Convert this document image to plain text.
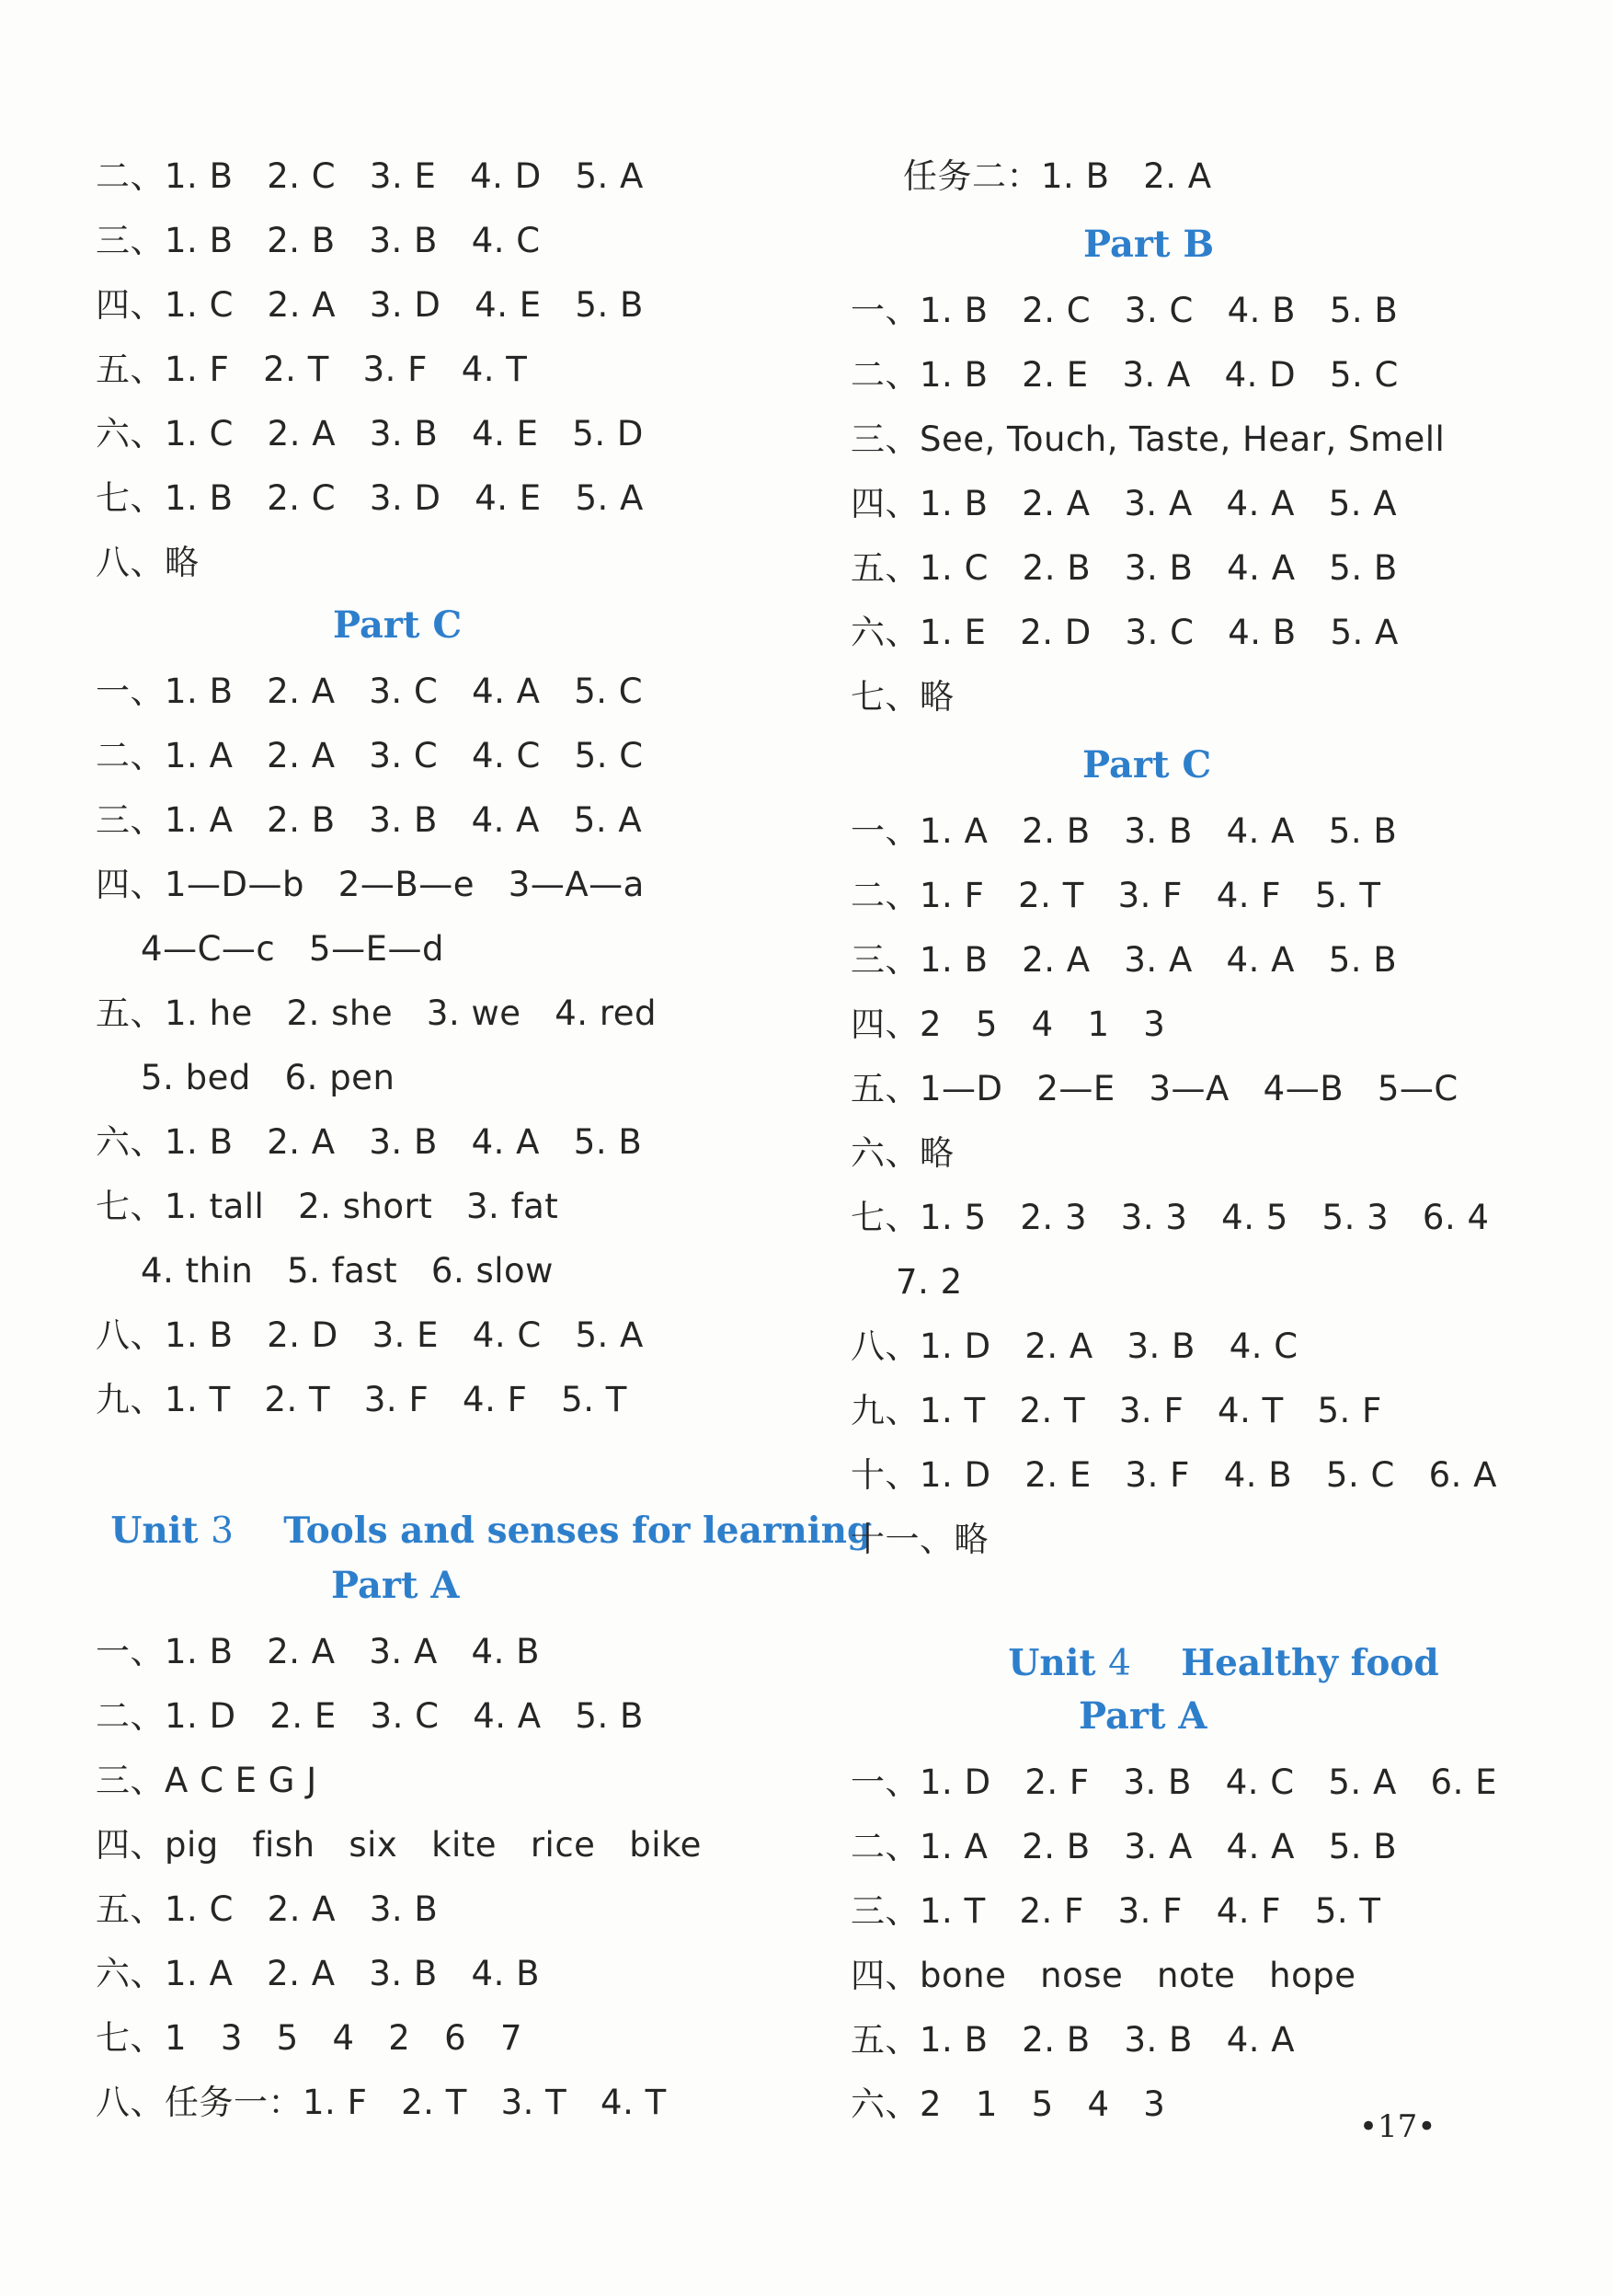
二、1. B   2. C   3. E   4. D   5. A
三、1. B   2. B   3. B   4. C
四、1. C   2. A   3. D   4. E   5. B
五、1. F   2. T   3. F   4. T
六、1. C   2. A   3. B   4. E   5. D
七、1. B   2. C   3. D   4. E   5. A
八、略
Part C
一、1. B   2. A   3. C   4. A   5. C
二、1. A   2. A   3. C   4. C   5. C
三、1. A   2. B   3. B   4. A   5. A
四、1—D—b   2—B—e   3—A—a
4—C—c   5—E—d
五、1. he   2. she   3. we   4. red
5. bed   6. pen
六、1. B   2. A   3. B   4. A   5. B
七、1. tall   2. short   3. fat
4. thin   5. fast   6. slow
八、1. B   2. D   3. E   4. C   5. A
九、1. T   2. T   3. F   4. F   5. T

Unit 3 Tools and senses for learning

Part A
一、1. B   2. A   3. A   4. B
二、1. D   2. E   3. C   4. A   5. B
三、A C E G J
四、pig   fish   six   kite   rice   bike
五、1. C   2. A   3. B
六、1. A   2. A   3. B   4. B
七、1   3   5   4   2   6   7
八、任务一：1. F   2. T   3. T   4. T
任务二：1. B   2. A
Part B
一、1. B   2. C   3. C   4. B   5. B
二、1. B   2. E   3. A   4. D   5. C
三、See, Touch, Taste, Hear, Smell
四、1. B   2. A   3. A   4. A   5. A
五、1. C   2. B   3. B   4. A   5. B
六、1. E   2. D   3. C   4. B   5. A
七、略
Part C
一、1. A   2. B   3. B   4. A   5. B
二、1. F   2. T   3. F   4. F   5. T
三、1. B   2. A   3. A   4. A   5. B
四、2   5   4   1   3
五、1—D   2—E   3—A   4—B   5—C
六、略
七、1. 5   2. 3   3. 3   4. 5   5. 3   6. 4
7. 2
八、1. D   2. A   3. B   4. C
九、1. T   2. T   3. F   4. T   5. F
十、1. D   2. E   3. F   4. B   5. C   6. A
十一、略

Unit 4 Healthy food

Part A
一、1. D   2. F   3. B   4. C   5. A   6. E
二、1. A   2. B   3. A   4. A   5. B
三、1. T   2. F   3. F   4. F   5. T
四、bone   nose   note   hope
五、1. B   2. B   3. B   4. A
六、2   1   5   4   3
•17•
